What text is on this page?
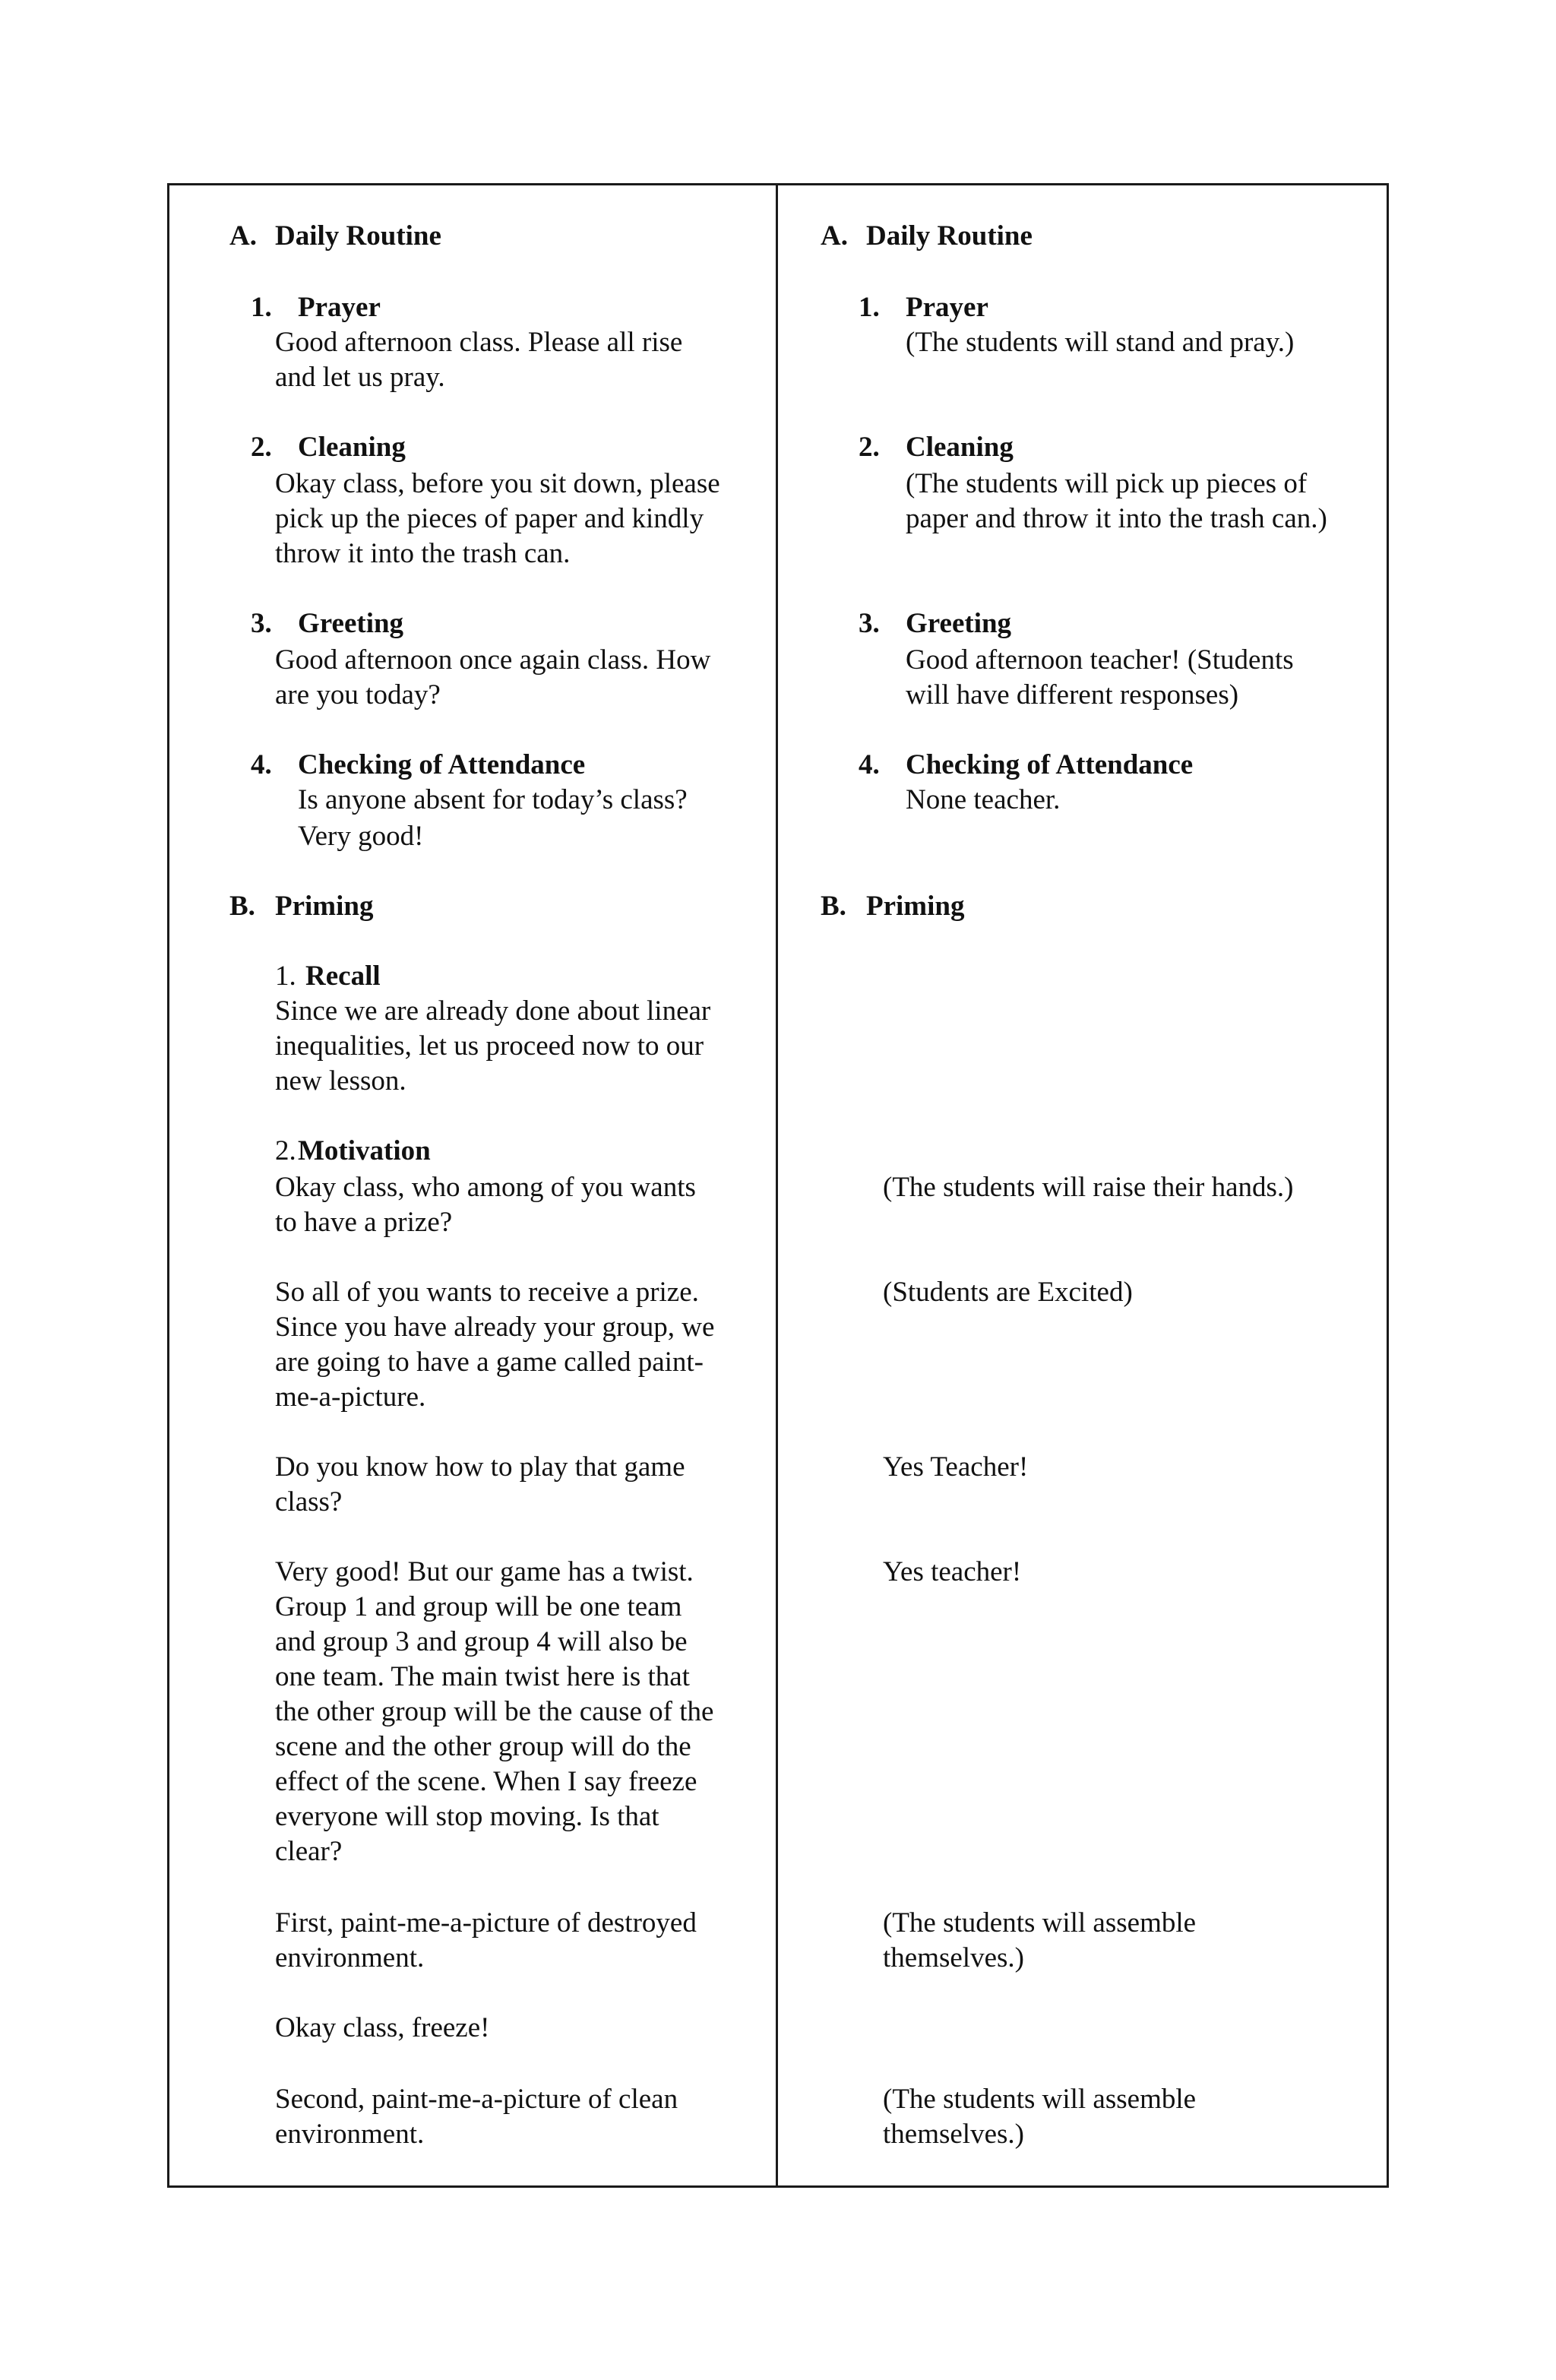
A. Daily Routine
1. Prayer
Good afternoon class. Please all rise
and let us pray.
2. Cleaning
Okay class, before you sit down, please
pick up the pieces of paper and kindly
throw it into the trash can.
3. Greeting
Good afternoon once again class. How
are you today?
4. Checking of Attendance
Is anyone absent for today’s class?
Very good!
B. Priming
1. Recall
Since we are already done about linear
inequalities, let us proceed now to our
new lesson.
2. Motivation
Okay class, who among of you wants
to have a prize?
So all of you wants to receive a prize.
Since you have already your group, we
are going to have a game called paint-
me-a-picture.
Do you know how to play that game
class?
Very good! But our game has a twist.
Group 1 and group will be one team
and group 3 and group 4 will also be
one team. The main twist here is that
the other group will be the cause of the
scene and the other group will do the
effect of the scene. When I say freeze
everyone will stop moving. Is that
clear?
First, paint-me-a-picture of destroyed
environment.
Okay class, freeze!
Second, paint-me-a-picture of clean
environment.
A. Daily Routine
1. Prayer
(The students will stand and pray.)
2. Cleaning
(The students will pick up pieces of
paper and throw it into the trash can.)
3. Greeting
Good afternoon teacher! (Students
will have different responses)
4. Checking of Attendance
None teacher.
B. Priming
(The students will raise their hands.)
(Students are Excited)
Yes Teacher!
Yes teacher!
(The students will assemble
themselves.)
(The students will assemble
themselves.)
